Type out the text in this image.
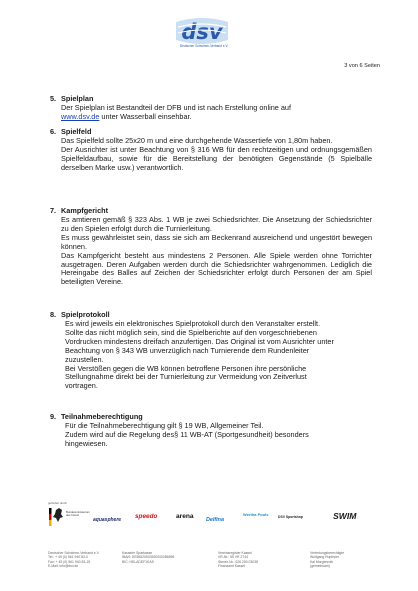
dsv
Deutscher Schwimm-Verband e.V.
3 von 6 Seiten
5. Spielplan

Der Spielplan ist Bestandteil der DFB und ist nach Erstellung online auf

www.dsv.de unter Wasserball einsehbar.

6. Spielfeld

Das Spielfeld sollte 25x20 m und eine durchgehende Wassertiefe von 1,80m haben.

Der Ausrichter ist unter Beachtung von § 316 WB für den rechtzeitigen und ordnungsgemäßen Spielfeldaufbau, sowie für die Bereitstellung der benötigten Gegenstände (5 Spielbälle derselben Marke usw.) verantwortlich.

7. Kampfgericht

Es amtieren gemäß § 323 Abs. 1 WB je zwei Schiedsrichter. Die Ansetzung der Schiedsrichter zu den Spielen erfolgt durch die Turnierleitung.

Es muss gewährleistet sein, dass sie sich am Beckenrand ausreichend und ungestört bewegen können.

Das Kampfgericht besteht aus mindestens 2 Personen. Alle Spiele werden ohne Torrichter ausgetragen. Deren Aufgaben werden durch die Schiedsrichter wahrgenommen. Lediglich die Hereingabe des Balles auf Zeichen der Schiedsrichter erfolgt durch Personen der am Spiel beteiligten Vereine.

8. Spielprotokoll

Es wird jeweils ein elektronisches Spielprotokoll durch den Veranstalter erstellt. Sollte das nicht möglich sein, sind die Spielberichte auf den vorgeschriebenen Vordrucken mindestens dreifach anzufertigen. Das Original ist vom Ausrichter unter Beachtung von § 343 WB unverzüglich nach Turnierende dem Rundenleiter zuzustellen.

Bei Verstößen gegen die WB können betroffene Personen ihre persönliche Stellungnahme direkt bei der Turnierleitung zur Vermeidung von Zeitverlust vortragen.

9. Teilnahmeberechtigung

Für die Teilnahmeberechtigung gilt § 19 WB, Allgemeiner Teil.

Zudem wird auf die Regelung des§ 11 WB-AT (Sportgesundheit) besonders hingewiesen.

gefördert durch
Bundesministerium des Innern
aquasphere speedo	arena Delfina
Wertha Pools	DSV Sportshop	SWIM
Deutscher Schwimm-Verband e.V.
Tel.: + 49 (0) 561 940 83-0
Fax: + 49 (0) 561 940 83-15
E-Mail: info@dsv.de
Kasseler Sparkasse
IBAN: DE56520503530000286898
BIC: HELADEF1KAS
Vereinsregister Kassel
VR-Nr.: 55 VR 2744
Steuer-Nr.: 026 250 03038
Finanzamt Kassel
Vertretungsberechtigte
Wolfgang Rupieper
Kai Morgenroth
(gemeinsam)
